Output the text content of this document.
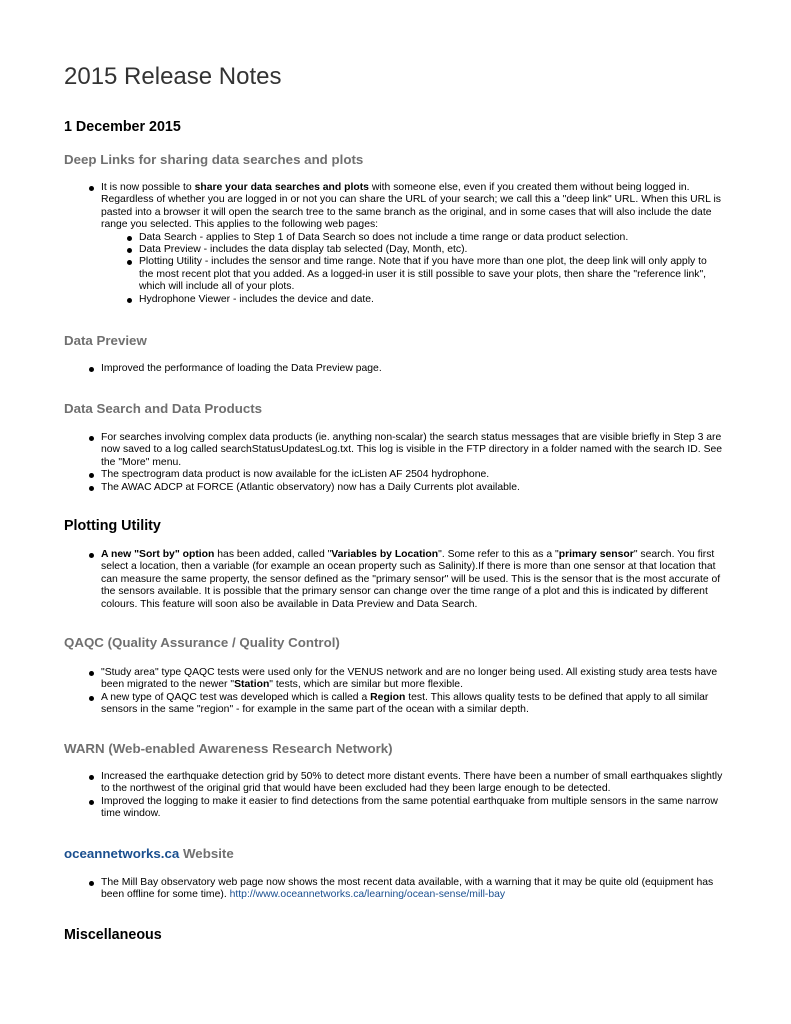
2015 Release Notes
1 December 2015
Deep Links for sharing data searches and plots
It is now possible to share your data searches and plots with someone else, even if you created them without being logged in. Regardless of whether you are logged in or not you can share the URL of your search; we call this a "deep link" URL. When this URL is pasted into a browser it will open the search tree to the same branch as the original, and in some cases that will also include the date range you selected. This applies to the following web pages:
Data Search - applies to Step 1 of Data Search so does not include a time range or data product selection.
Data Preview - includes the data display tab selected (Day, Month, etc).
Plotting Utility - includes the sensor and time range. Note that if you have more than one plot, the deep link will only apply to the most recent plot that you added. As a logged-in user it is still possible to save your plots, then share the "reference link", which will include all of your plots.
Hydrophone Viewer - includes the device and date.
Data Preview
Improved the performance of loading the Data Preview page.
Data Search and Data Products
For searches involving complex data products (ie. anything non-scalar) the search status messages that are visible briefly in Step 3 are now saved to a log called searchStatusUpdatesLog.txt. This log is visible in the FTP directory in a folder named with the search ID. See the "More" menu.
The spectrogram data product is now available for the icListen AF 2504 hydrophone.
The AWAC ADCP at FORCE (Atlantic observatory) now has a Daily Currents plot available.
Plotting Utility
A new "Sort by" option has been added, called "Variables by Location". Some refer to this as a "primary sensor" search. You first select a location, then a variable (for example an ocean property such as Salinity).If there is more than one sensor at that location that can measure the same property, the sensor defined as the "primary sensor" will be used. This is the sensor that is the most accurate of the sensors available. It is possible that the primary sensor can change over the time range of a plot and this is indicated by different colours. This feature will soon also be available in Data Preview and Data Search.
QAQC (Quality Assurance / Quality Control)
"Study area" type QAQC tests were used only for the VENUS network and are no longer being used. All existing study area tests have been migrated to the newer "Station" tests, which are similar but more flexible.
A new type of QAQC test was developed which is called a Region test. This allows quality tests to be defined that apply to all similar sensors in the same "region" - for example in the same part of the ocean with a similar depth.
WARN (Web-enabled Awareness Research Network)
Increased the earthquake detection grid by 50% to detect more distant events. There have been a number of small earthquakes slightly to the northwest of the original grid that would have been excluded had they been large enough to be detected.
Improved the logging to make it easier to find detections from the same potential earthquake from multiple sensors in the same narrow time window.
oceannetworks.ca Website
The Mill Bay observatory web page now shows the most recent data available, with a warning that it may be quite old (equipment has been offline for some time). http://www.oceannetworks.ca/learning/ocean-sense/mill-bay
Miscellaneous
